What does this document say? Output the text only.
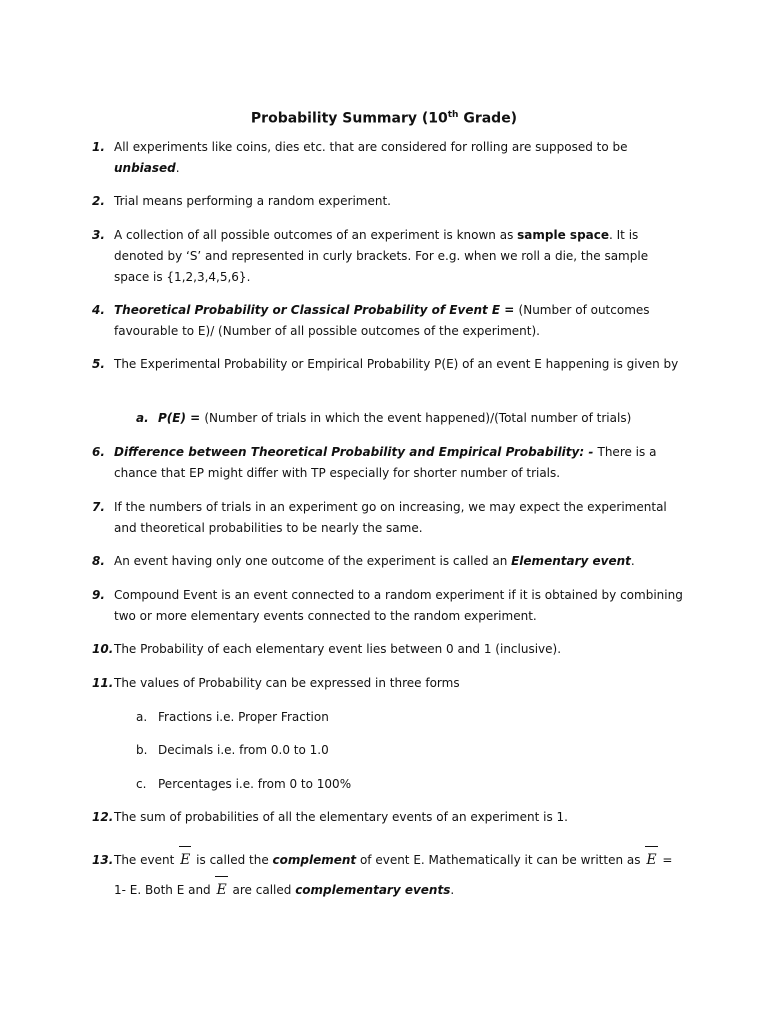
Probability Summary (10th Grade)
1. All experiments like coins, dies etc. that are considered for rolling are supposed to be unbiased.
2. Trial means performing a random experiment.
3. A collection of all possible outcomes of an experiment is known as sample space. It is denoted by ‘S’ and represented in curly brackets. For e.g. when we roll a die, the sample space is {1,2,3,4,5,6}.
4. Theoretical Probability or Classical Probability of Event E = (Number of outcomes favourable to E)/ (Number of all possible outcomes of the experiment).
5. The Experimental Probability or Empirical Probability P(E) of an event E happening is given by
a. P(E) = (Number of trials in which the event happened)/(Total number of trials)
6. Difference between Theoretical Probability and Empirical Probability: - There is a chance that EP might differ with TP especially for shorter number of trials.
7. If the numbers of trials in an experiment go on increasing, we may expect the experimental and theoretical probabilities to be nearly the same.
8. An event having only one outcome of the experiment is called an Elementary event.
9. Compound Event is an event connected to a random experiment if it is obtained by combining two or more elementary events connected to the random experiment.
10. The Probability of each elementary event lies between 0 and 1 (inclusive).
11. The values of Probability can be expressed in three forms
a. Fractions i.e. Proper Fraction
b. Decimals i.e. from 0.0 to 1.0
c. Percentages i.e. from 0 to 100%
12. The sum of probabilities of all the elementary events of an experiment is 1.
13. The event E is called the complement of event E. Mathematically it can be written as E = 1- E. Both E and E are called complementary events.
